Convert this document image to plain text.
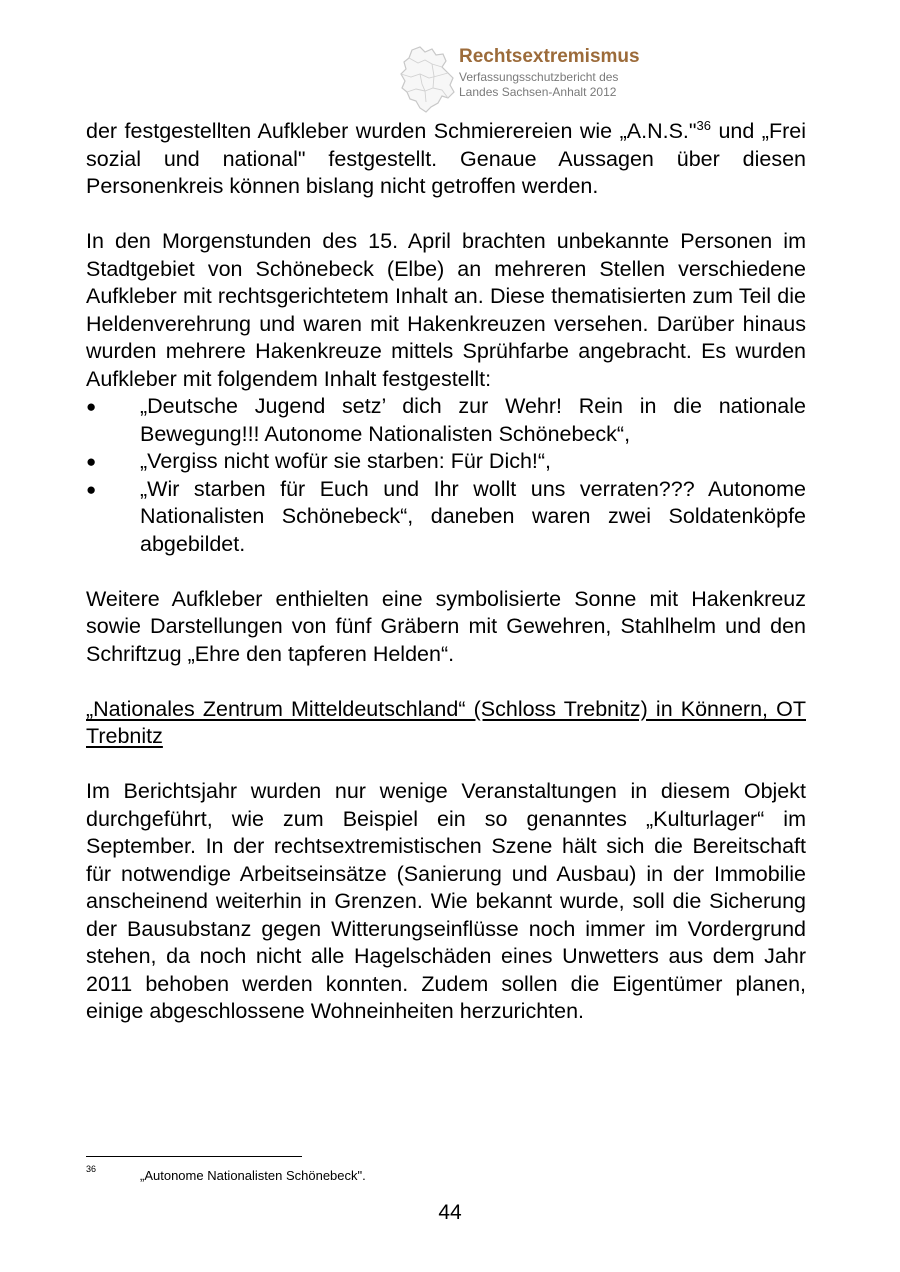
Rechtsextremismus
Verfassungsschutzbericht des
Landes Sachsen-Anhalt 2012

der festgestellten Aufkleber wurden Schmierereien wie „A.N.S."$^{36}$ und „Frei sozial und national" festgestellt. Genaue Aussagen über diesen Personenkreis können bislang nicht getroffen werden.

In den Morgenstunden des 15. April brachten unbekannte Personen im Stadtgebiet von Schönebeck (Elbe) an mehreren Stellen verschiedene Aufkleber mit rechtsgerichtetem Inhalt an. Diese thematisierten zum Teil die Heldenverehrung und waren mit Hakenkreuzen versehen. Darüber hinaus wurden mehrere Hakenkreuze mittels Sprühfarbe angebracht. Es wurden Aufkleber mit folgendem Inhalt festgestellt:

● „Deutsche Jugend setz’ dich zur Wehr! Rein in die nationale Bewegung!!! Autonome Nationalisten Schönebeck“,
● „Vergiss nicht wofür sie starben: Für Dich!“,
● „Wir starben für Euch und Ihr wollt uns verraten??? Autonome Nationalisten Schönebeck“, daneben waren zwei Soldatenköpfe abgebildet.

Weitere Aufkleber enthielten eine symbolisierte Sonne mit Hakenkreuz sowie Darstellungen von fünf Gräbern mit Gewehren, Stahlhelm und den Schriftzug „Ehre den tapferen Helden“.

„Nationales Zentrum Mitteldeutschland“ (Schloss Trebnitz) in Könnern, OT Trebnitz

Im Berichtsjahr wurden nur wenige Veranstaltungen in diesem Objekt durchgeführt, wie zum Beispiel ein so genanntes „Kulturlager“ im September. In der rechtsextremistischen Szene hält sich die Bereitschaft für notwendige Arbeitseinsätze (Sanierung und Ausbau) in der Immobilie anscheinend weiterhin in Grenzen. Wie bekannt wurde, soll die Sicherung der Bausubstanz gegen Witterungseinflüsse noch immer im Vordergrund stehen, da noch nicht alle Hagelschäden eines Unwetters aus dem Jahr 2011 behoben werden konnten. Zudem sollen die Eigentümer planen, einige abgeschlossene Wohneinheiten herzurichten.

36	„Autonome Nationalisten Schönebeck".
44
